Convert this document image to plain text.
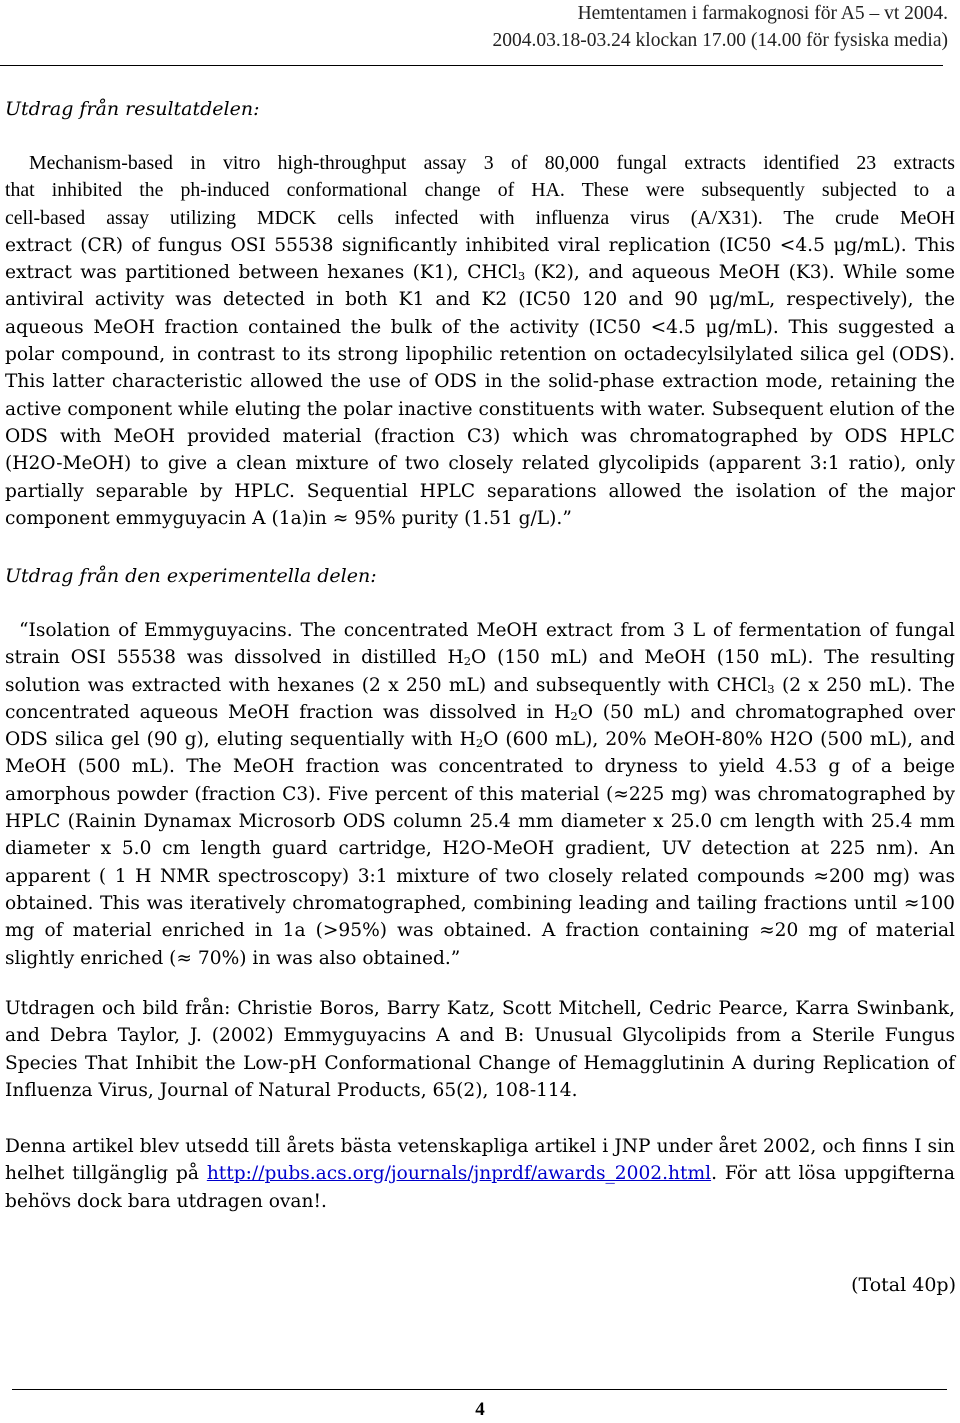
Hemtentamen i farmakognosi för A5 – vt 2004.
2004.03.18-03.24 klockan 17.00 (14.00 för fysiska media)
Utdrag från resultatdelen:
Mechanism-based in vitro high-throughput assay 3 of 80,000 fungal extracts identified 23 extracts
that inhibited the ph-induced conformational change of HA. These were subsequently subjected to a
cell-based assay utilizing MDCK cells infected with influenza virus (A/X31). The crude MeOH
extract (CR) of fungus OSI 55538 significantly inhibited viral replication (IC50 <4.5 μg/mL). This
extract was partitioned between hexanes (K1), CHCl$_3$ (K2), and aqueous MeOH (K3). While some
antiviral activity was detected in both K1 and K2 (IC50 120 and 90 μg/mL, respectively), the
aqueous MeOH fraction contained the bulk of the activity (IC50 <4.5 μg/mL). This suggested a
polar compound, in contrast to its strong lipophilic retention on octadecylsilylated silica gel (ODS).
This latter characteristic allowed the use of ODS in the solid-phase extraction mode, retaining the
active component while eluting the polar inactive constituents with water. Subsequent elution of the
ODS with MeOH provided material (fraction C3) which was chromatographed by ODS HPLC
(H2O-MeOH) to give a clean mixture of two closely related glycolipids (apparent 3:1 ratio), only
partially separable by HPLC. Sequential HPLC separations allowed the isolation of the major
component emmyguyacin A (1a)in ≈ 95% purity (1.51 g/L).”
Utdrag från den experimentella delen:
“Isolation of Emmyguyacins. The concentrated MeOH extract from 3 L of fermentation of fungal
strain OSI 55538 was dissolved in distilled $H_2O$ (150 mL) and MeOH (150 mL). The resulting
solution was extracted with hexanes (2 x 250 mL) and subsequently with CHCl$_3$ (2 x 250 mL). The
concentrated aqueous MeOH fraction was dissolved in $H_2O$ (50 mL) and chromatographed over
ODS silica gel (90 g), eluting sequentially with $H_2O$ (600 mL), 20% MeOH-80% H2O (500 mL), and
MeOH (500 mL). The MeOH fraction was concentrated to dryness to yield 4.53 g of a beige
amorphous powder (fraction C3). Five percent of this material (≈225 mg) was chromatographed by
HPLC (Rainin Dynamax Microsorb ODS column 25.4 mm diameter x 25.0 cm length with 25.4 mm
diameter x 5.0 cm length guard cartridge, H2O-MeOH gradient, UV detection at 225 nm). An
apparent ( 1 H NMR spectroscopy) 3:1 mixture of two closely related compounds ≈200 mg) was
obtained. This was iteratively chromatographed, combining leading and tailing fractions until ≈100
mg of material enriched in 1a (>95%) was obtained. A fraction containing ≈20 mg of material
slightly enriched (≈ 70%) in was also obtained.”
Utdragen och bild från: Christie Boros, Barry Katz, Scott Mitchell, Cedric Pearce, Karra Swinbank,
and Debra Taylor, J. (2002) Emmyguyacins A and B: Unusual Glycolipids from a Sterile Fungus
Species That Inhibit the Low-pH Conformational Change of Hemagglutinin A during Replication of
Influenza Virus, Journal of Natural Products, 65(2), 108-114.
Denna artikel blev utsedd till årets bästa vetenskapliga artikel i JNP under året 2002, och finns I sin
helhet tillgänglig på http://pubs.acs.org/journals/jnprdf/awards_2002.html. För att lösa uppgifterna
behövs dock bara utdragen ovan!.
(Total 40p)
4
